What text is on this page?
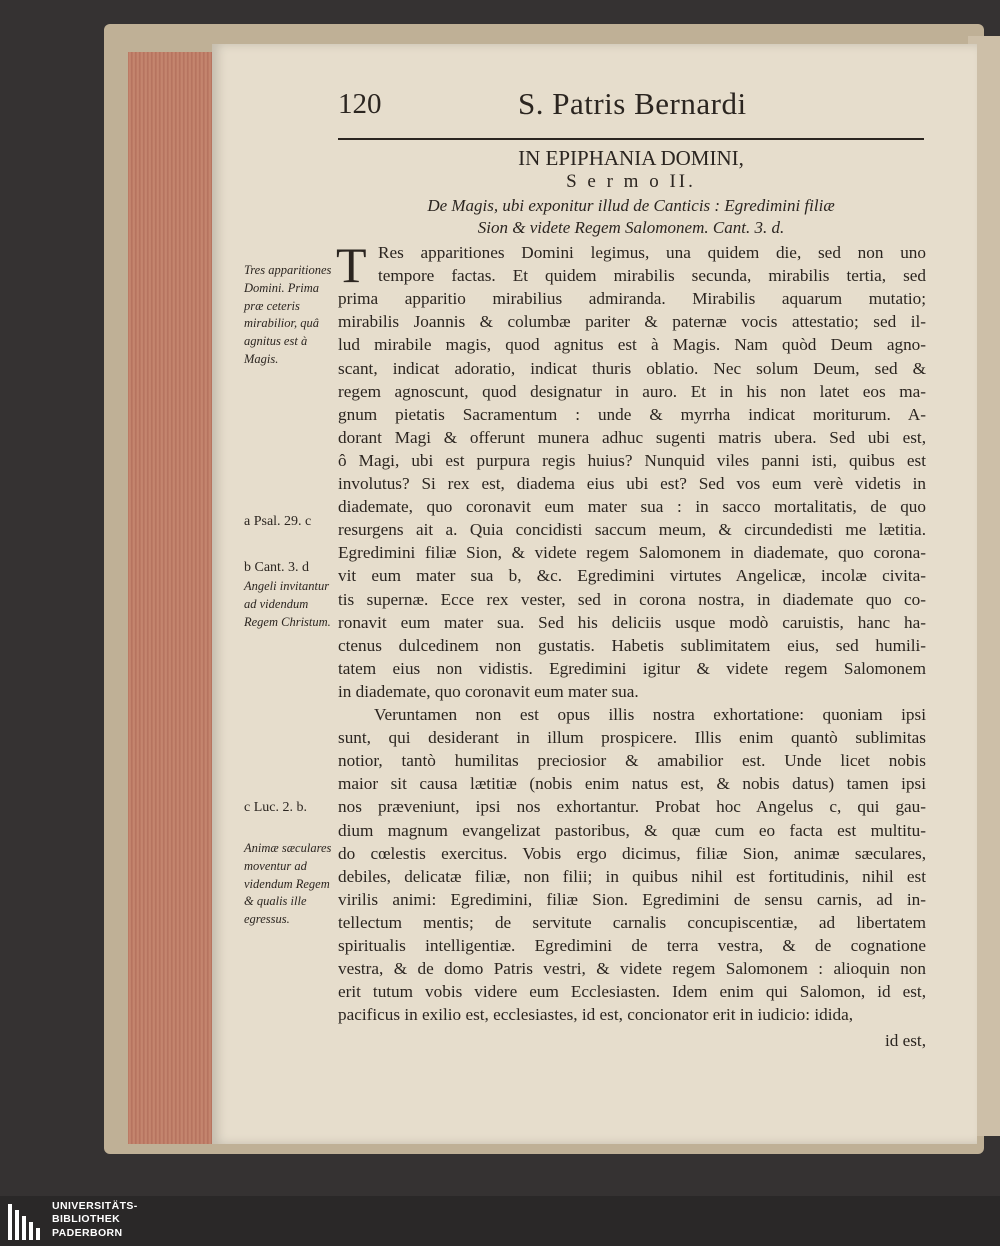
120	S. Patris Bernardi
IN EPIPHANIA DOMINI,
S e r m o II.
De Magis, ubi exponitur illud de Canticis : Egredimini filiæ
Sion & videte Regem Salomonem. Cant. 3. d.
T Res apparitiones Domini legimus, una quidem die, sed non uno
tempore factas. Et quidem mirabilis secunda, mirabilis tertia, sed
prima apparitio mirabilius admiranda. Mirabilis aquarum mutatio;
mirabilis Joannis & columbæ pariter & paternæ vocis attestatio; sed il-
lud mirabile magis, quod agnitus est à Magis. Nam quòd Deum agno-
scant, indicat adoratio, indicat thuris oblatio. Nec solum Deum, sed &
regem agnoscunt, quod designatur in auro. Et in his non latet eos ma-
gnum pietatis Sacramentum : unde & myrrha indicat moriturum. A-
dorant Magi & offerunt munera adhuc sugenti matris ubera. Sed ubi est,
ô Magi, ubi est purpura regis huius? Nunquid viles panni isti, quibus est
involutus? Si rex est, diadema eius ubi est? Sed vos eum verè videtis in
diademate, quo coronavit eum mater sua : in sacco mortalitatis, de quo
resurgens ait a. Quia concidisti saccum meum, & circundedisti me lætitia.
Egredimini filiæ Sion, & videte regem Salomonem in diademate, quo corona-
vit eum mater sua b, &c. Egredimini virtutes Angelicæ, incolæ civita-
tis supernæ. Ecce rex vester, sed in corona nostra, in diademate quo co-
ronavit eum mater sua. Sed his deliciis usque modò caruistis, hanc ha-
ctenus dulcedinem non gustatis. Habetis sublimitatem eius, sed humili-
tatem eius non vidistis. Egredimini igitur & videte regem Salomonem
in diademate, quo coronavit eum mater sua.
Veruntamen non est opus illis nostra exhortatione: quoniam ipsi
sunt, qui desiderant in illum prospicere. Illis enim quantò sublimitas
notior, tantò humilitas preciosior & amabilior est. Unde licet nobis
maior sit causa lætitiæ (nobis enim natus est, & nobis datus) tamen ipsi
nos præveniunt, ipsi nos exhortantur. Probat hoc Angelus c, qui gau-
dium magnum evangelizat pastoribus, & quæ cum eo facta est multitu-
do cœlestis exercitus. Vobis ergo dicimus, filiæ Sion, animæ sæculares,
debiles, delicatæ filiæ, non filii; in quibus nihil est fortitudinis, nihil est
virilis animi: Egredimini, filiæ Sion. Egredimini de sensu carnis, ad in-
tellectum mentis; de servitute carnalis concupiscentiæ, ad libertatem
spiritualis intelligentiæ. Egredimini de terra vestra, & de cognatione
vestra, & de domo Patris vestri, & videte regem Salomonem : alioquin non
erit tutum vobis videre eum Ecclesiasten. Idem enim qui Salomon, id est,
pacificus in exilio est, ecclesiastes, id est, concionator erit in iudicio: idida,
id est,
Tres apparitiones Domini. Prima præ ceteris mirabilior, quâ agnitus est à Magis.
a Psal. 29. c
b Cant. 3. d
Angeli invitantur ad videndum Regem Christum.
c Luc. 2. b.
Animæ sæculares moventur ad videndum Regem & qualis ille egressus.
UNIVERSITÄTS-
BIBLIOTHEK
PADERBORN
